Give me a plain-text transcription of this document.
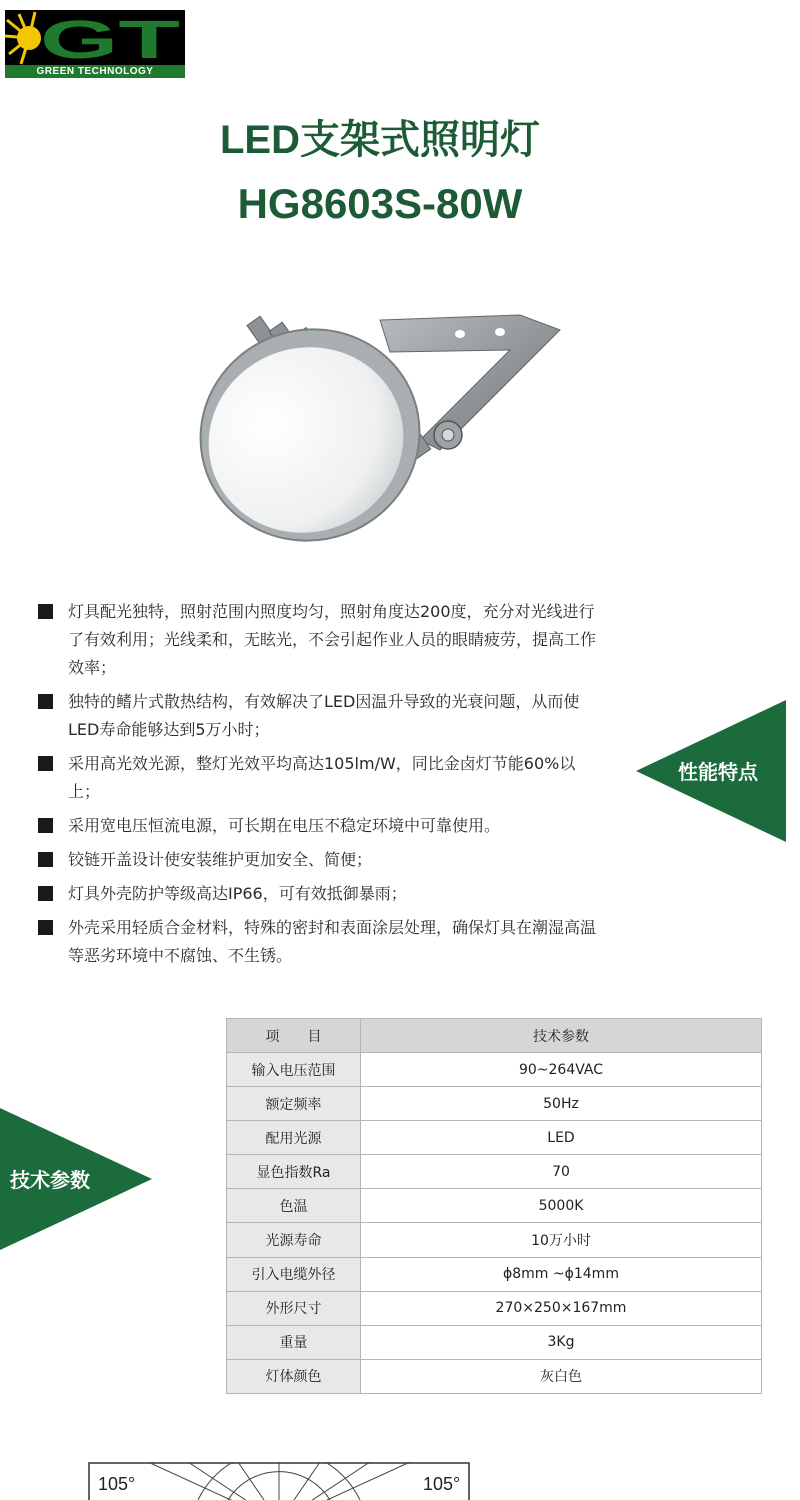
GT
GREEN TECHNOLOGY
LED支架式照明灯
HG8603S-80W
灯具配光独特，照射范围内照度均匀，照射角度达200度，充分对光线进行了有效利用；光线柔和，无眩光，不会引起作业人员的眼睛疲劳，提高工作效率；
独特的鳍片式散热结构，有效解决了LED因温升导致的光衰问题，从而使LED寿命能够达到5万小时；
采用高光效光源，整灯光效平均高达105lm/W，同比金卤灯节能60%以上；
采用宽电压恒流电源，可长期在电压不稳定环境中可靠使用。
铰链开盖设计使安装维护更加安全、简便；
灯具外壳防护等级高达IP66，可有效抵御暴雨；
外壳采用轻质合金材料，特殊的密封和表面涂层处理，确保灯具在潮湿高温等恶劣环境中不腐蚀、不生锈。
性能特点
技术参数
项　　目	技术参数
输入电压范围	90~264VAC
额定频率	50Hz
配用光源	LED
显色指数Ra	70
色温	5000K
光源寿命	10万小时
引入电缆外径	ϕ8mm ~ϕ14mm
外形尺寸	270×250×167mm
重量	3Kg
灯体颜色	灰白色
105°	105°
